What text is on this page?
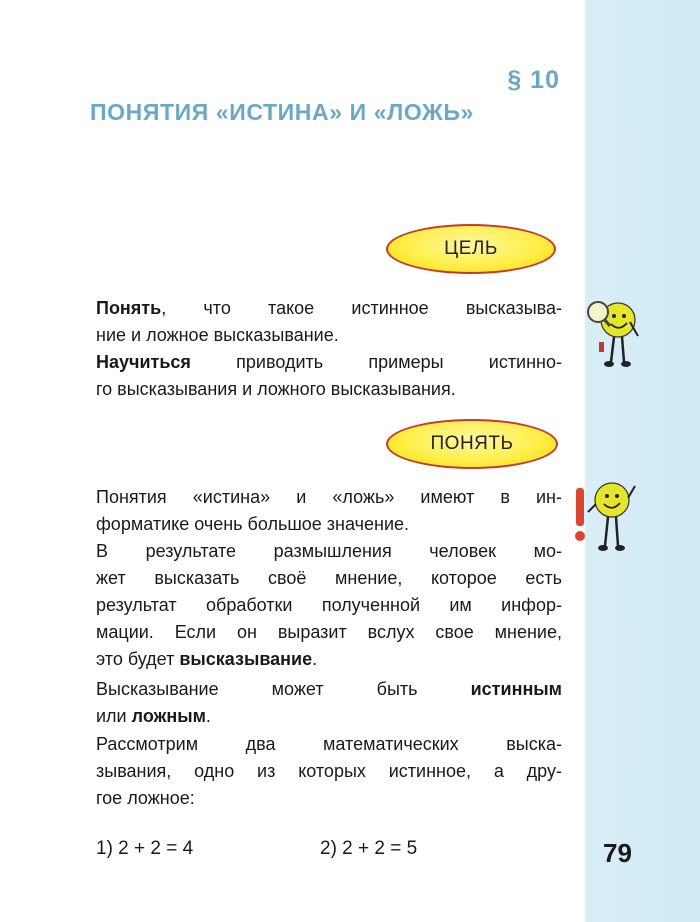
§ 10
ПОНЯТИЯ «ИСТИНА» И «ЛОЖЬ»
ЦЕЛЬ

Понять, что такое истинное высказыва-
ние и ложное высказывание.

Научиться приводить примеры истинно-
го высказывания и ложного высказывания.

ПОНЯТЬ

Понятия «истина» и «ложь» имеют в ин-
форматике очень большое значение.

В результате размышления человек мо-
жет высказать своё мнение, которое есть
результат обработки полученной им инфор-
мации. Если он выразит вслух свое мнение,
это будет высказывание.

Высказывание может быть истинным
или ложным.

Рассмотрим два математических выска-
зывания, одно из которых истинное, а дру-
гое ложное:

1) 2 + 2 = 4	2) 2 + 2 = 5	79
